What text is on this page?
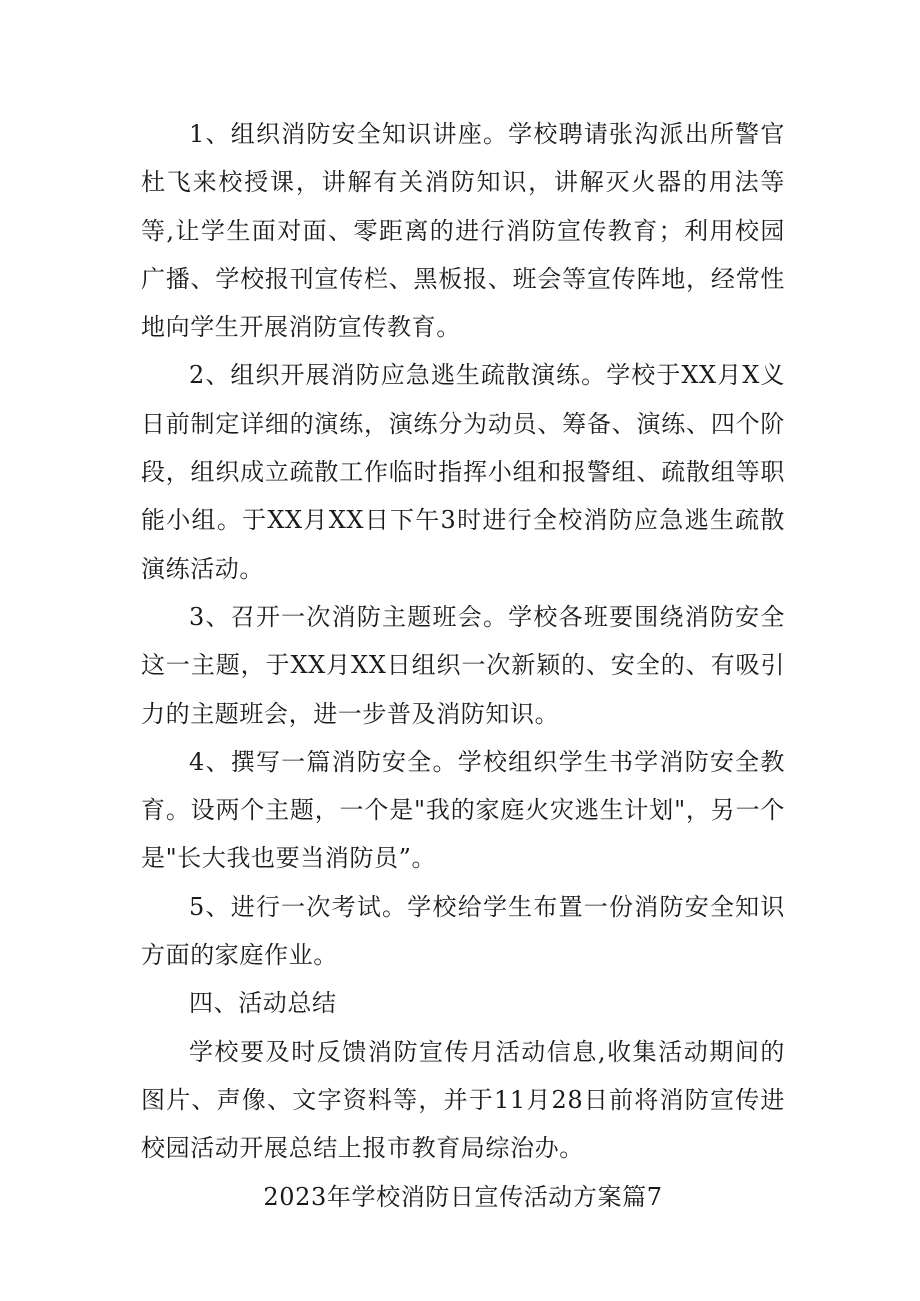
1、组织消防安全知识讲座。学校聘请张沟派出所警官杜飞来校授课，讲解有关消防知识，讲解灭火器的用法等等,让学生面对面、零距离的进行消防宣传教育；利用校园广播、学校报刊宣传栏、黑板报、班会等宣传阵地，经常性地向学生开展消防宣传教育。

2、组织开展消防应急逃生疏散演练。学校于XX月X义日前制定详细的演练，演练分为动员、筹备、演练、四个阶段，组织成立疏散工作临时指挥小组和报警组、疏散组等职能小组。于XX月XX日下午3时进行全校消防应急逃生疏散演练活动。

3、召开一次消防主题班会。学校各班要围绕消防安全这一主题，于XX月XX日组织一次新颖的、安全的、有吸引力的主题班会，进一步普及消防知识。

4、撰写一篇消防安全。学校组织学生书学消防安全教育。设两个主题，一个是"我的家庭火灾逃生计划"，另一个是"长大我也要当消防员”。

5、进行一次考试。学校给学生布置一份消防安全知识方面的家庭作业。

四、活动总结

学校要及时反馈消防宣传月活动信息,收集活动期间的图片、声像、文字资料等，并于11月28日前将消防宣传进校园活动开展总结上报市教育局综治办。

2023年学校消防日宣传活动方案篇7
